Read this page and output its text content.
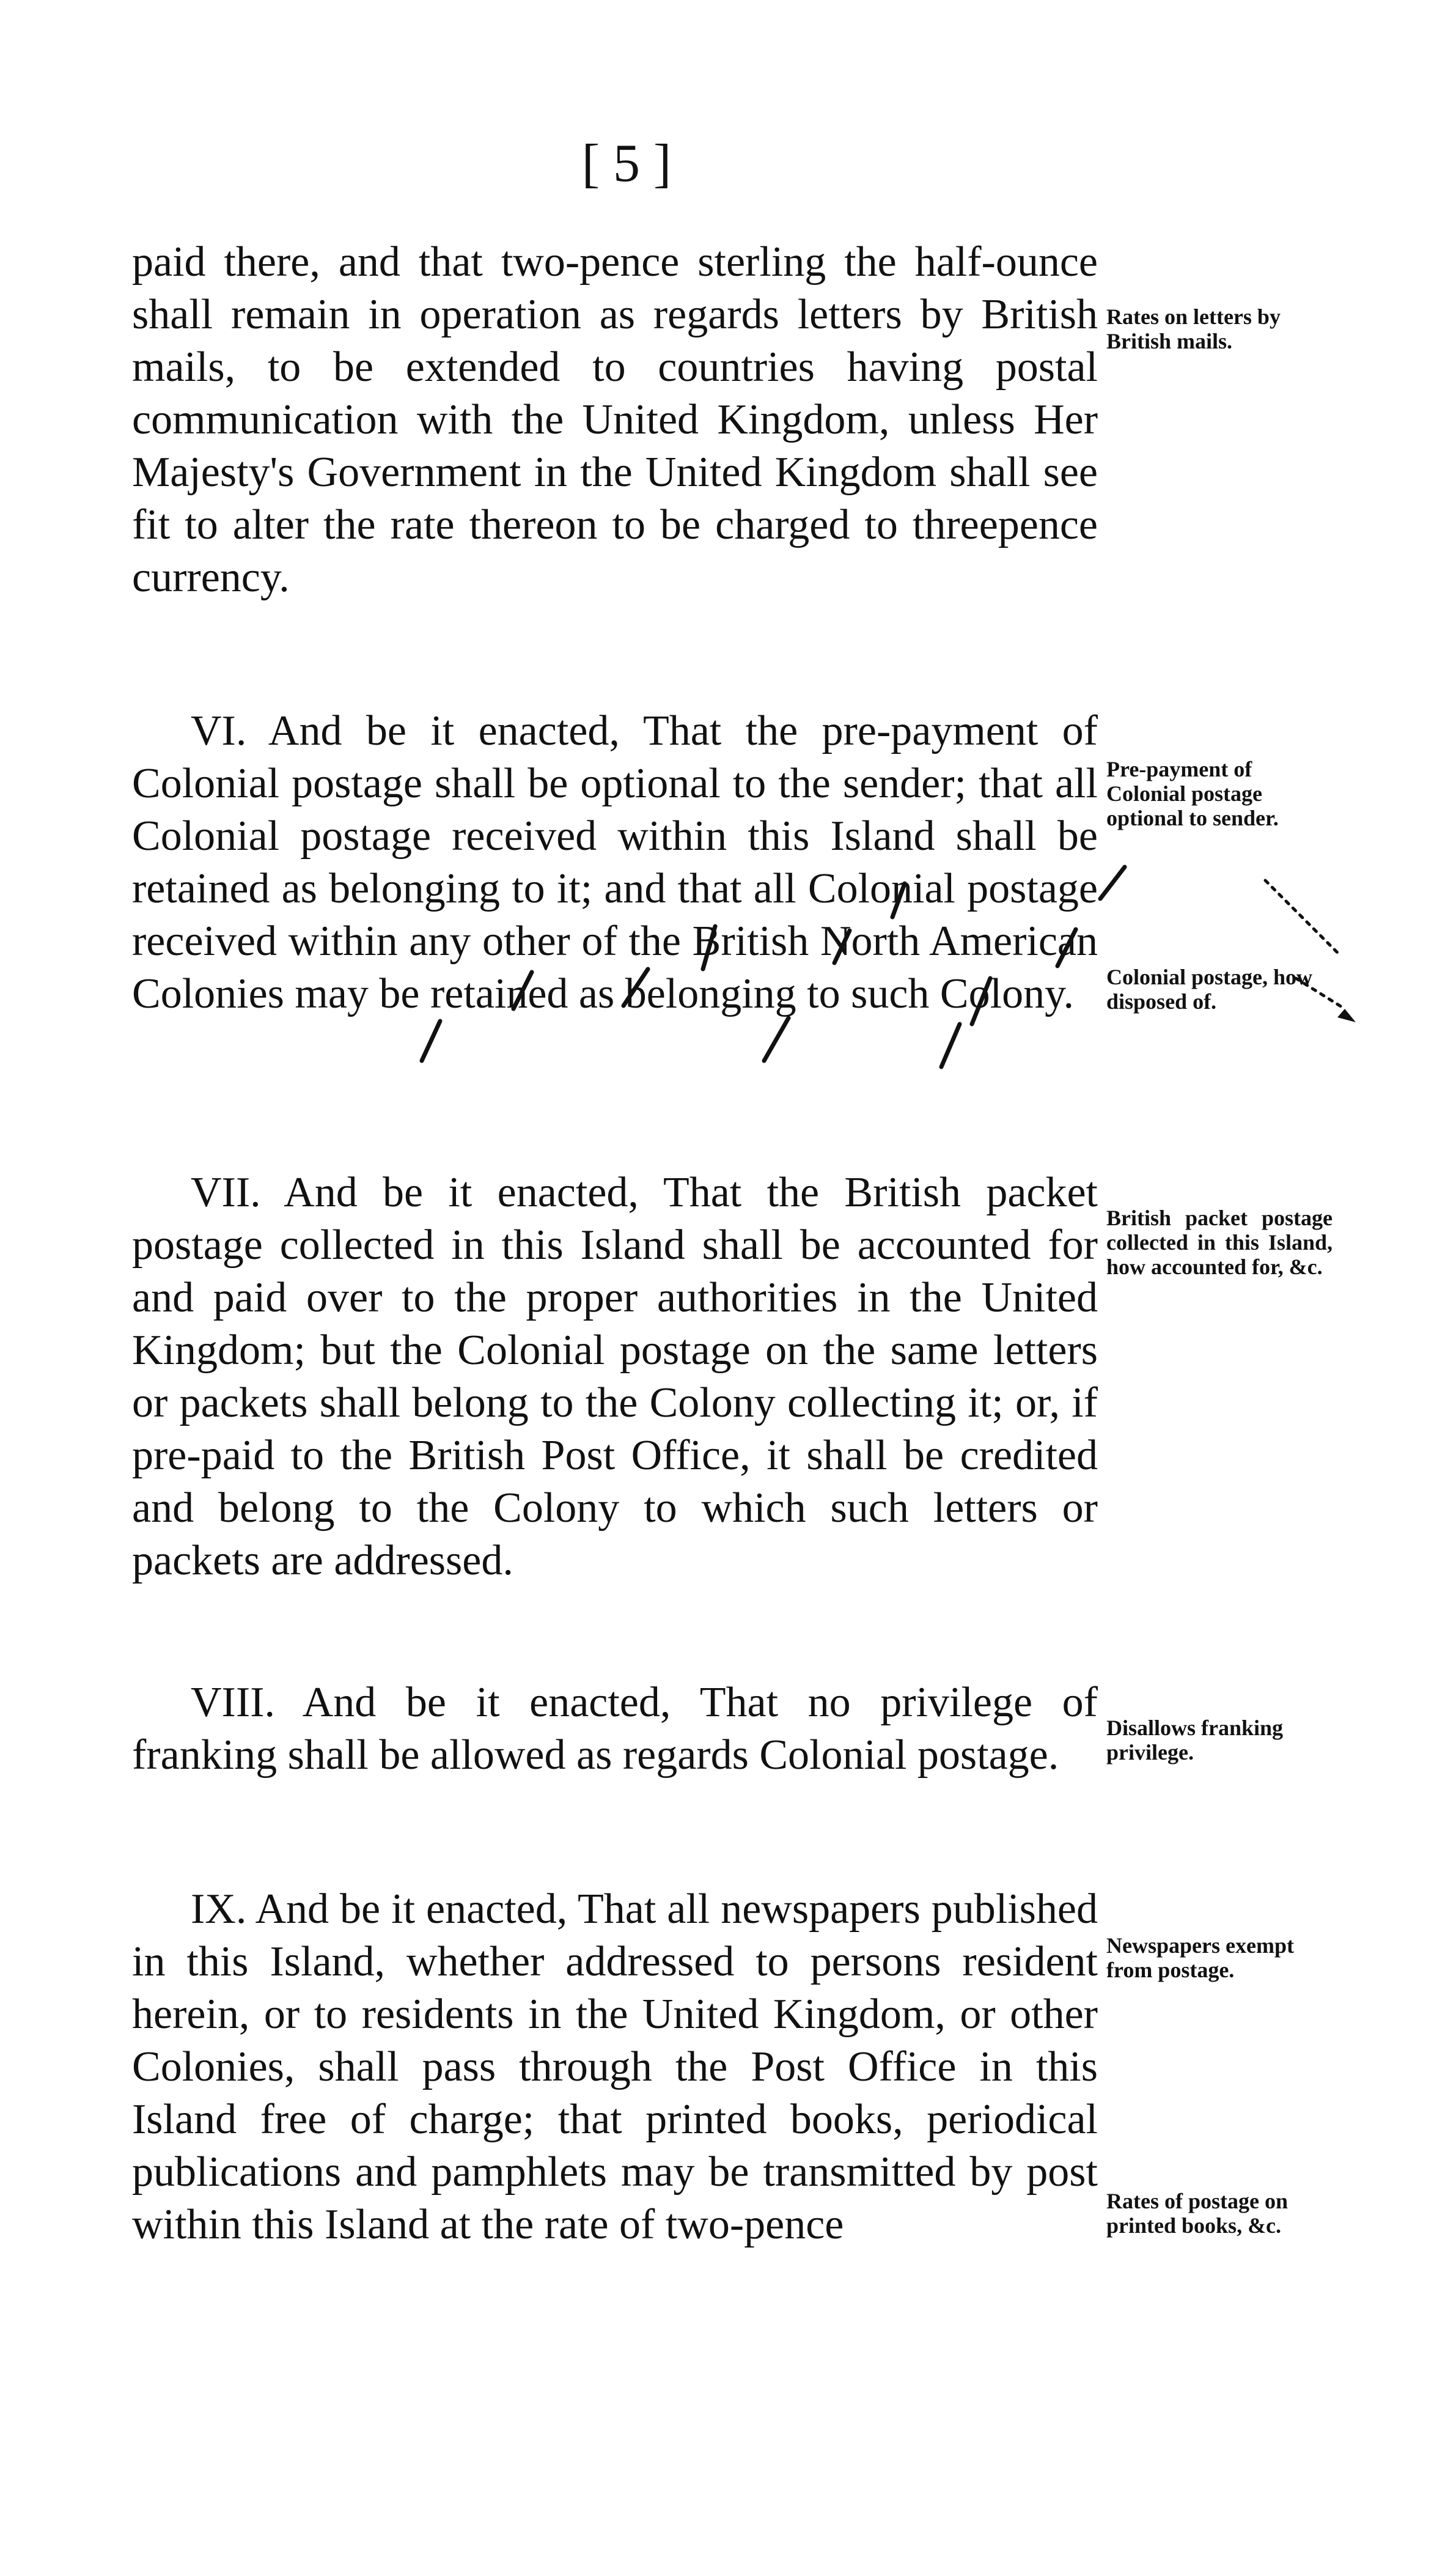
[ 5 ]

paid there, and that two-pence sterling the half-ounce shall remain in operation as regards letters by British mails, to be extended to countries having postal communication with the United Kingdom, unless Her Majesty's Government in the United Kingdom shall see fit to alter the rate thereon to be charged to threepence currency.

VI. And be it enacted, That the pre-payment of Colonial postage shall be optional to the sender; that all Colonial postage received within this Island shall be retained as belonging to it; and that all Colonial postage received within any other of the British North American Colonies may be retained as belonging to such Colony.

VII. And be it enacted, That the British packet postage collected in this Island shall be accounted for and paid over to the proper authorities in the United Kingdom; but the Colonial postage on the same letters or packets shall belong to the Colony collecting it; or, if pre-paid to the British Post Office, it shall be credited and belong to the Colony to which such letters or packets are addressed.

VIII. And be it enacted, That no privilege of franking shall be allowed as regards Colonial postage.

IX. And be it enacted, That all newspapers published in this Island, whether addressed to persons resident herein, or to residents in the United Kingdom, or other Colonies, shall pass through the Post Office in this Island free of charge; that printed books, periodical publications and pamphlets may be transmitted by post within this Island at the rate of two-pence

Rates on letters by British mails.
Pre-payment of Colonial postage optional to sender.
Colonial postage, how disposed of.
British packet postage collected in this Island, how accounted for, &c.
Disallows franking privilege.
Newspapers exempt from postage.
Rates of postage on printed books, &c.
